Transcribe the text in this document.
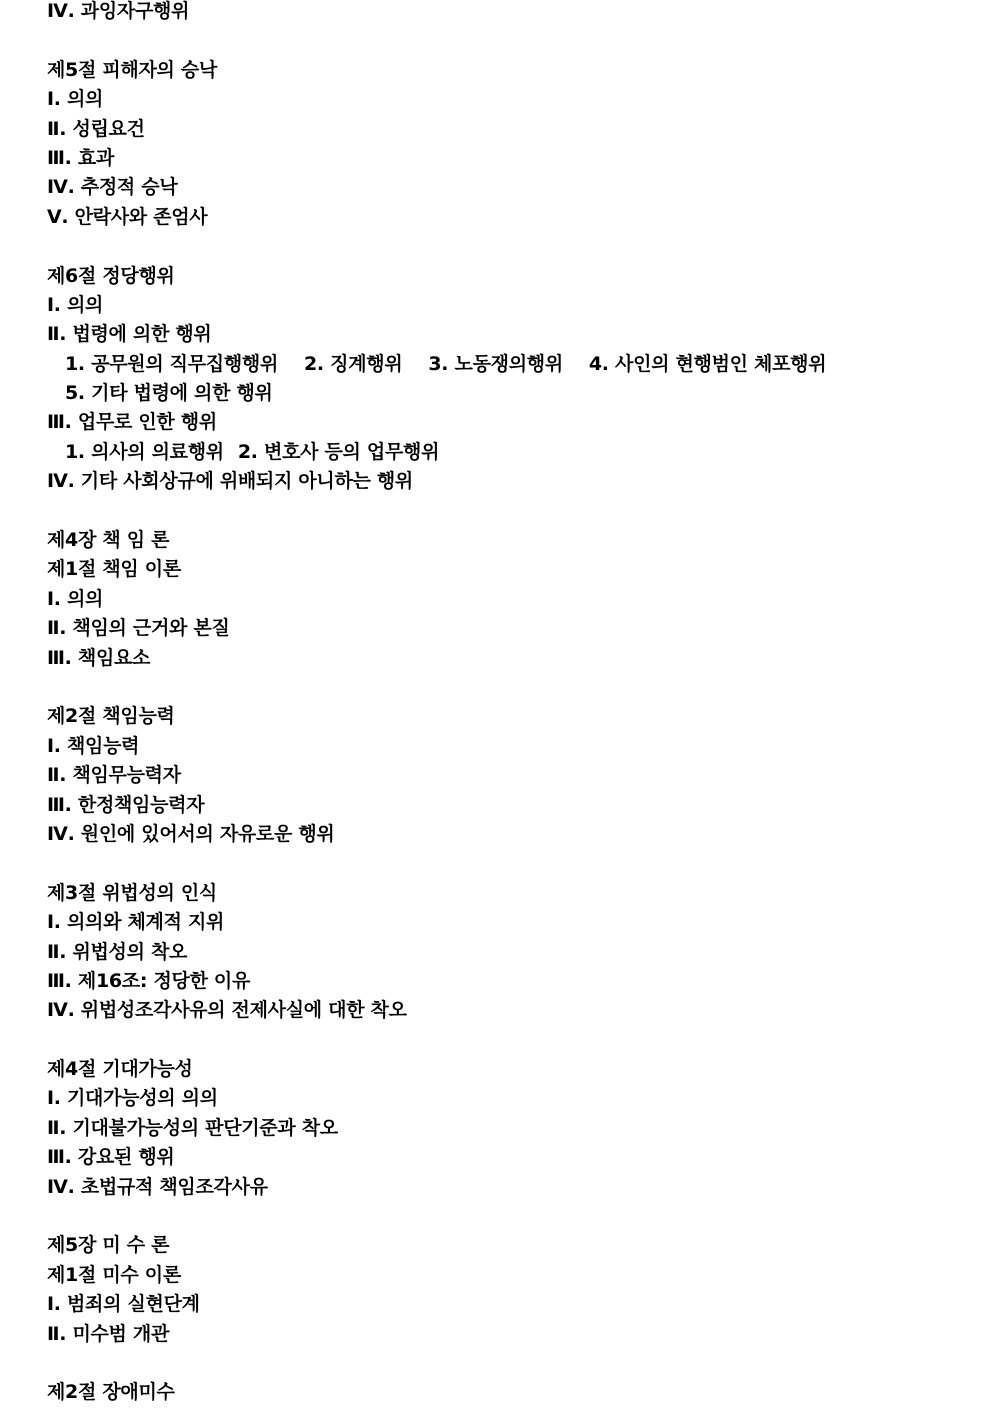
Ⅳ. 과잉자구행위
제5절 피해자의 승낙
Ⅰ. 의의
Ⅱ. 성립요건
Ⅲ. 효과
Ⅳ. 추정적 승낙
Ⅴ. 안락사와 존엄사
제6절 정당행위
Ⅰ. 의의
Ⅱ. 법령에 의한 행위
1. 공무원의 직무집행행위 2. 징계행위 3. 노동쟁의행위 4. 사인의 현행범인 체포행위
5. 기타 법령에 의한 행위
Ⅲ. 업무로 인한 행위
1. 의사의 의료행위 2. 변호사 등의 업무행위
Ⅳ. 기타 사회상규에 위배되지 아니하는 행위
제4장 책 임 론
제1절 책임 이론
Ⅰ. 의의
Ⅱ. 책임의 근거와 본질
Ⅲ. 책임요소
제2절 책임능력
Ⅰ. 책임능력
Ⅱ. 책임무능력자
Ⅲ. 한정책임능력자
Ⅳ. 원인에 있어서의 자유로운 행위
제3절 위법성의 인식
Ⅰ. 의의와 체계적 지위
Ⅱ. 위법성의 착오
Ⅲ. 제16조: 정당한 이유
Ⅳ. 위법성조각사유의 전제사실에 대한 착오
제4절 기대가능성
Ⅰ. 기대가능성의 의의
Ⅱ. 기대불가능성의 판단기준과 착오
Ⅲ. 강요된 행위
Ⅳ. 초법규적 책임조각사유
제5장 미 수 론
제1절 미수 이론
Ⅰ. 범죄의 실현단계
Ⅱ. 미수범 개관
제2절 장애미수
